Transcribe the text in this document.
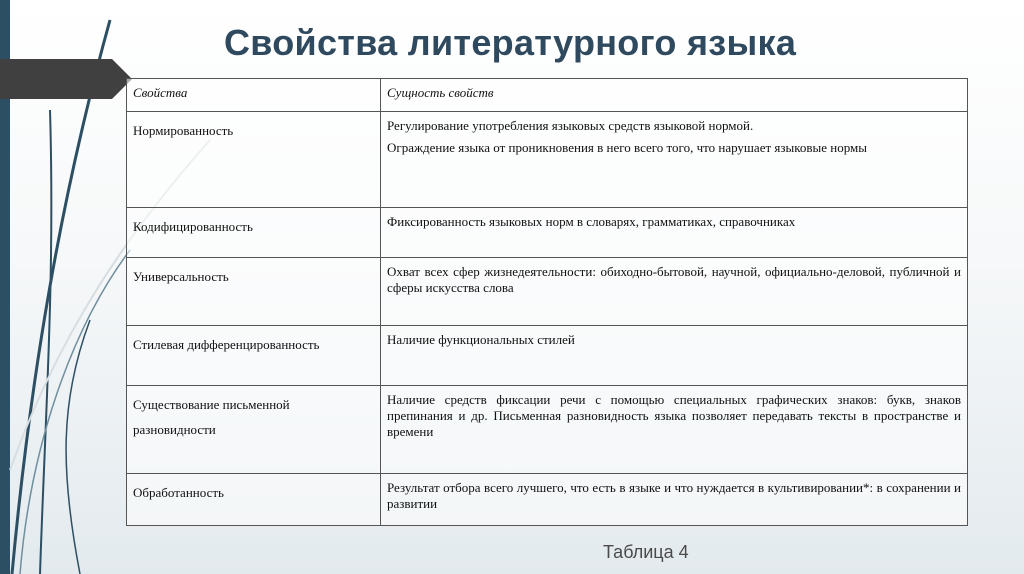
Свойства литературного языка
Свойства	Сущность свойств
Нормированность	Регулирование употребления языковых средств языковой нормой.

Ограждение языка от проникновения в него всего того, что нарушает языковые нормы

Кодифицированность	Фиксированность языковых норм в словарях, грамматиках, справочниках

Универсальность	Охват всех сфер жизнедеятельности: обиходно-бытовой, научной, официально-деловой, публичной и сферы искусства слова

Стилевая дифференцированность	Наличие функциональных стилей

Существование письменной разновидности	Наличие средств фиксации речи с помощью специальных графических знаков: букв, знаков препинания и др. Письменная разновидность языка позволяет передавать тексты в пространстве и времени

Обработанность	Результат отбора всего лучшего, что есть в языке и что нуждается в культивировании*: в сохранении и развитии

Таблица 4
